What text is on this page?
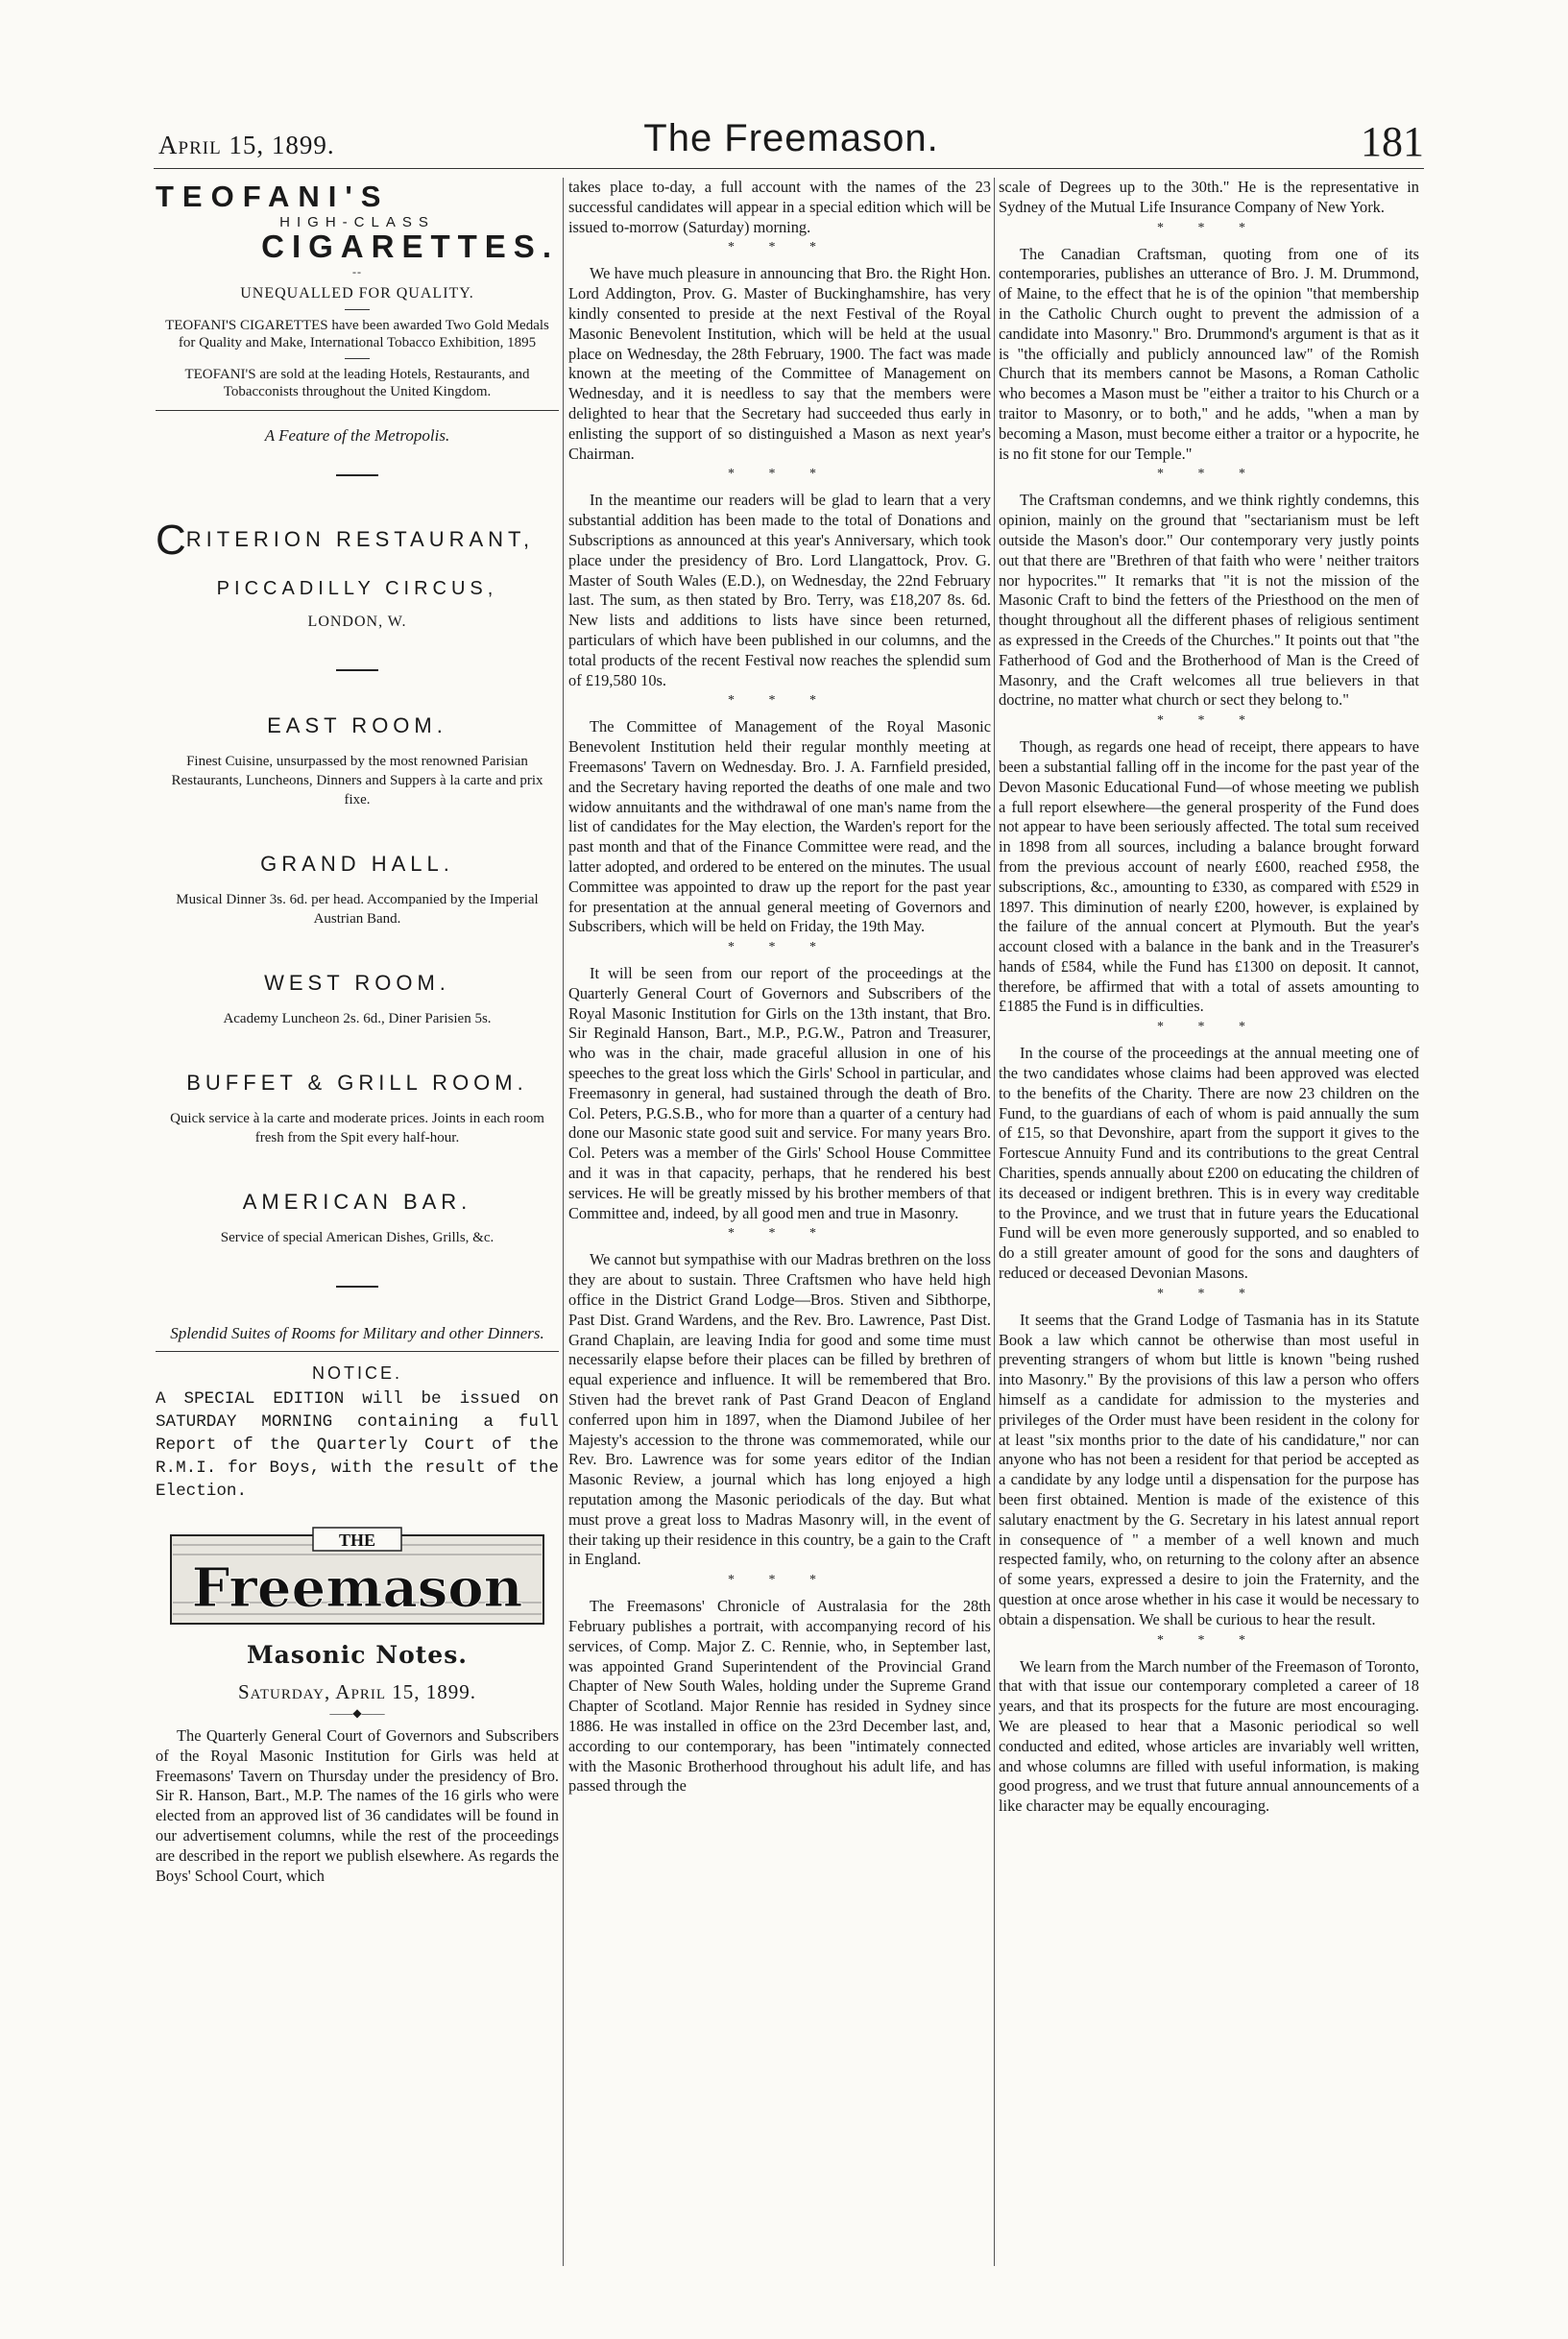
April 15, 1899.	The Freemason.	181
TEOFANI'S
HIGH-CLASS
CIGARETTES.
--
UNEQUALLED FOR QUALITY.
TEOFANI'S CIGARETTES have been awarded Two Gold Medals for Quality and Make, International Tobacco Exhibition, 1895
TEOFANI'S are sold at the leading Hotels, Restaurants, and Tobacconists throughout the United Kingdom.
A Feature of the Metropolis.
CRITERION RESTAURANT,
PICCADILLY CIRCUS,
LONDON, W.
EAST ROOM.
Finest Cuisine, unsurpassed by the most renowned Parisian Restaurants, Luncheons, Dinners and Suppers à la carte and prix fixe.
GRAND HALL.
Musical Dinner 3s. 6d. per head. Accompanied by the Imperial Austrian Band.
WEST ROOM.
Academy Luncheon 2s. 6d., Diner Parisien 5s.
BUFFET & GRILL ROOM.
Quick service à la carte and moderate prices. Joints in each room fresh from the Spit every half-hour.
AMERICAN BAR.
Service of special American Dishes, Grills, &c.
Splendid Suites of Rooms for Military and other Dinners.
NOTICE.

A SPECIAL EDITION will be issued on SATURDAY MORNING containing a full Report of the Quarterly Court of the R.M.I. for Boys, with the result of the Election.

THE
Freemason
Masonic Notes.
Saturday, April 15, 1899.
——◆——

The Quarterly General Court of Governors and Subscribers of the Royal Masonic Institution for Girls was held at Freemasons' Tavern on Thursday under the presidency of Bro. Sir R. Hanson, Bart., M.P. The names of the 16 girls who were elected from an approved list of 36 candidates will be found in our advertisement columns, while the rest of the proceedings are described in the report we publish elsewhere. As regards the Boys' School Court, which

takes place to-day, a full account with the names of the 23 successful candidates will appear in a special edition which will be issued to-morrow (Saturday) morning.

* * *

We have much pleasure in announcing that Bro. the Right Hon. Lord Addington, Prov. G. Master of Buckinghamshire, has very kindly consented to preside at the next Festival of the Royal Masonic Benevolent Institution, which will be held at the usual place on Wednesday, the 28th February, 1900. The fact was made known at the meeting of the Committee of Management on Wednesday, and it is needless to say that the members were delighted to hear that the Secretary had succeeded thus early in enlisting the support of so distinguished a Mason as next year's Chairman.

* * *

In the meantime our readers will be glad to learn that a very substantial addition has been made to the total of Donations and Subscriptions as announced at this year's Anniversary, which took place under the presidency of Bro. Lord Llangattock, Prov. G. Master of South Wales (E.D.), on Wednesday, the 22nd February last. The sum, as then stated by Bro. Terry, was £18,207 8s. 6d. New lists and additions to lists have since been returned, particulars of which have been published in our columns, and the total products of the recent Festival now reaches the splendid sum of £19,580 10s.

* * *

The Committee of Management of the Royal Masonic Benevolent Institution held their regular monthly meeting at Freemasons' Tavern on Wednesday. Bro. J. A. Farnfield presided, and the Secretary having reported the deaths of one male and two widow annuitants and the withdrawal of one man's name from the list of candidates for the May election, the Warden's report for the past month and that of the Finance Committee were read, and the latter adopted, and ordered to be entered on the minutes. The usual Committee was appointed to draw up the report for the past year for presentation at the annual general meeting of Governors and Subscribers, which will be held on Friday, the 19th May.

* * *

It will be seen from our report of the proceedings at the Quarterly General Court of Governors and Subscribers of the Royal Masonic Institution for Girls on the 13th instant, that Bro. Sir Reginald Hanson, Bart., M.P., P.G.W., Patron and Treasurer, who was in the chair, made graceful allusion in one of his speeches to the great loss which the Girls' School in particular, and Freemasonry in general, had sustained through the death of Bro. Col. Peters, P.G.S.B., who for more than a quarter of a century had done our Masonic state good suit and service. For many years Bro. Col. Peters was a member of the Girls' School House Committee and it was in that capacity, perhaps, that he rendered his best services. He will be greatly missed by his brother members of that Committee and, indeed, by all good men and true in Masonry.

* * *

We cannot but sympathise with our Madras brethren on the loss they are about to sustain. Three Craftsmen who have held high office in the District Grand Lodge—Bros. Stiven and Sibthorpe, Past Dist. Grand Wardens, and the Rev. Bro. Lawrence, Past Dist. Grand Chaplain, are leaving India for good and some time must necessarily elapse before their places can be filled by brethren of equal experience and influence. It will be remembered that Bro. Stiven had the brevet rank of Past Grand Deacon of England conferred upon him in 1897, when the Diamond Jubilee of her Majesty's accession to the throne was commemorated, while our Rev. Bro. Lawrence was for some years editor of the Indian Masonic Review, a journal which has long enjoyed a high reputation among the Masonic periodicals of the day. But what must prove a great loss to Madras Masonry will, in the event of their taking up their residence in this country, be a gain to the Craft in England.

* * *

The Freemasons' Chronicle of Australasia for the 28th February publishes a portrait, with accompanying record of his services, of Comp. Major Z. C. Rennie, who, in September last, was appointed Grand Superintendent of the Provincial Grand Chapter of New South Wales, holding under the Supreme Grand Chapter of Scotland. Major Rennie has resided in Sydney since 1886. He was installed in office on the 23rd December last, and, according to our contemporary, has been "intimately connected with the Masonic Brotherhood throughout his adult life, and has passed through the

scale of Degrees up to the 30th." He is the representative in Sydney of the Mutual Life Insurance Company of New York.

* * *

The Canadian Craftsman, quoting from one of its contemporaries, publishes an utterance of Bro. J. M. Drummond, of Maine, to the effect that he is of the opinion "that membership in the Catholic Church ought to prevent the admission of a candidate into Masonry." Bro. Drummond's argument is that as it is "the officially and publicly announced law" of the Romish Church that its members cannot be Masons, a Roman Catholic who becomes a Mason must be "either a traitor to his Church or a traitor to Masonry, or to both," and he adds, "when a man by becoming a Mason, must become either a traitor or a hypocrite, he is no fit stone for our Temple."

* * *

The Craftsman condemns, and we think rightly condemns, this opinion, mainly on the ground that "sectarianism must be left outside the Mason's door." Our contemporary very justly points out that there are "Brethren of that faith who were ' neither traitors nor hypocrites.'" It remarks that "it is not the mission of the Masonic Craft to bind the fetters of the Priesthood on the men of thought throughout all the different phases of religious sentiment as expressed in the Creeds of the Churches." It points out that "the Fatherhood of God and the Brotherhood of Man is the Creed of Masonry, and the Craft welcomes all true believers in that doctrine, no matter what church or sect they belong to."

* * *

Though, as regards one head of receipt, there appears to have been a substantial falling off in the income for the past year of the Devon Masonic Educational Fund—of whose meeting we publish a full report elsewhere—the general prosperity of the Fund does not appear to have been seriously affected. The total sum received in 1898 from all sources, including a balance brought forward from the previous account of nearly £600, reached £958, the subscriptions, &c., amounting to £330, as compared with £529 in 1897. This diminution of nearly £200, however, is explained by the failure of the annual concert at Plymouth. But the year's account closed with a balance in the bank and in the Treasurer's hands of £584, while the Fund has £1300 on deposit. It cannot, therefore, be affirmed that with a total of assets amounting to £1885 the Fund is in difficulties.

* * *

In the course of the proceedings at the annual meeting one of the two candidates whose claims had been approved was elected to the benefits of the Charity. There are now 23 children on the Fund, to the guardians of each of whom is paid annually the sum of £15, so that Devonshire, apart from the support it gives to the Fortescue Annuity Fund and its contributions to the great Central Charities, spends annually about £200 on educating the children of its deceased or indigent brethren. This is in every way creditable to the Province, and we trust that in future years the Educational Fund will be even more generously supported, and so enabled to do a still greater amount of good for the sons and daughters of reduced or deceased Devonian Masons.

* * *

It seems that the Grand Lodge of Tasmania has in its Statute Book a law which cannot be otherwise than most useful in preventing strangers of whom but little is known "being rushed into Masonry." By the provisions of this law a person who offers himself as a candidate for admission to the mysteries and privileges of the Order must have been resident in the colony for at least "six months prior to the date of his candidature," nor can anyone who has not been a resident for that period be accepted as a candidate by any lodge until a dispensation for the purpose has been first obtained. Mention is made of the existence of this salutary enactment by the G. Secretary in his latest annual report in consequence of " a member of a well known and much respected family, who, on returning to the colony after an absence of some years, expressed a desire to join the Fraternity, and the question at once arose whether in his case it would be necessary to obtain a dispensation. We shall be curious to hear the result.

* * *

We learn from the March number of the Freemason of Toronto, that with that issue our contemporary completed a career of 18 years, and that its prospects for the future are most encouraging. We are pleased to hear that a Masonic periodical so well conducted and edited, whose articles are invariably well written, and whose columns are filled with useful information, is making good progress, and we trust that future annual announcements of a like character may be equally encouraging.
